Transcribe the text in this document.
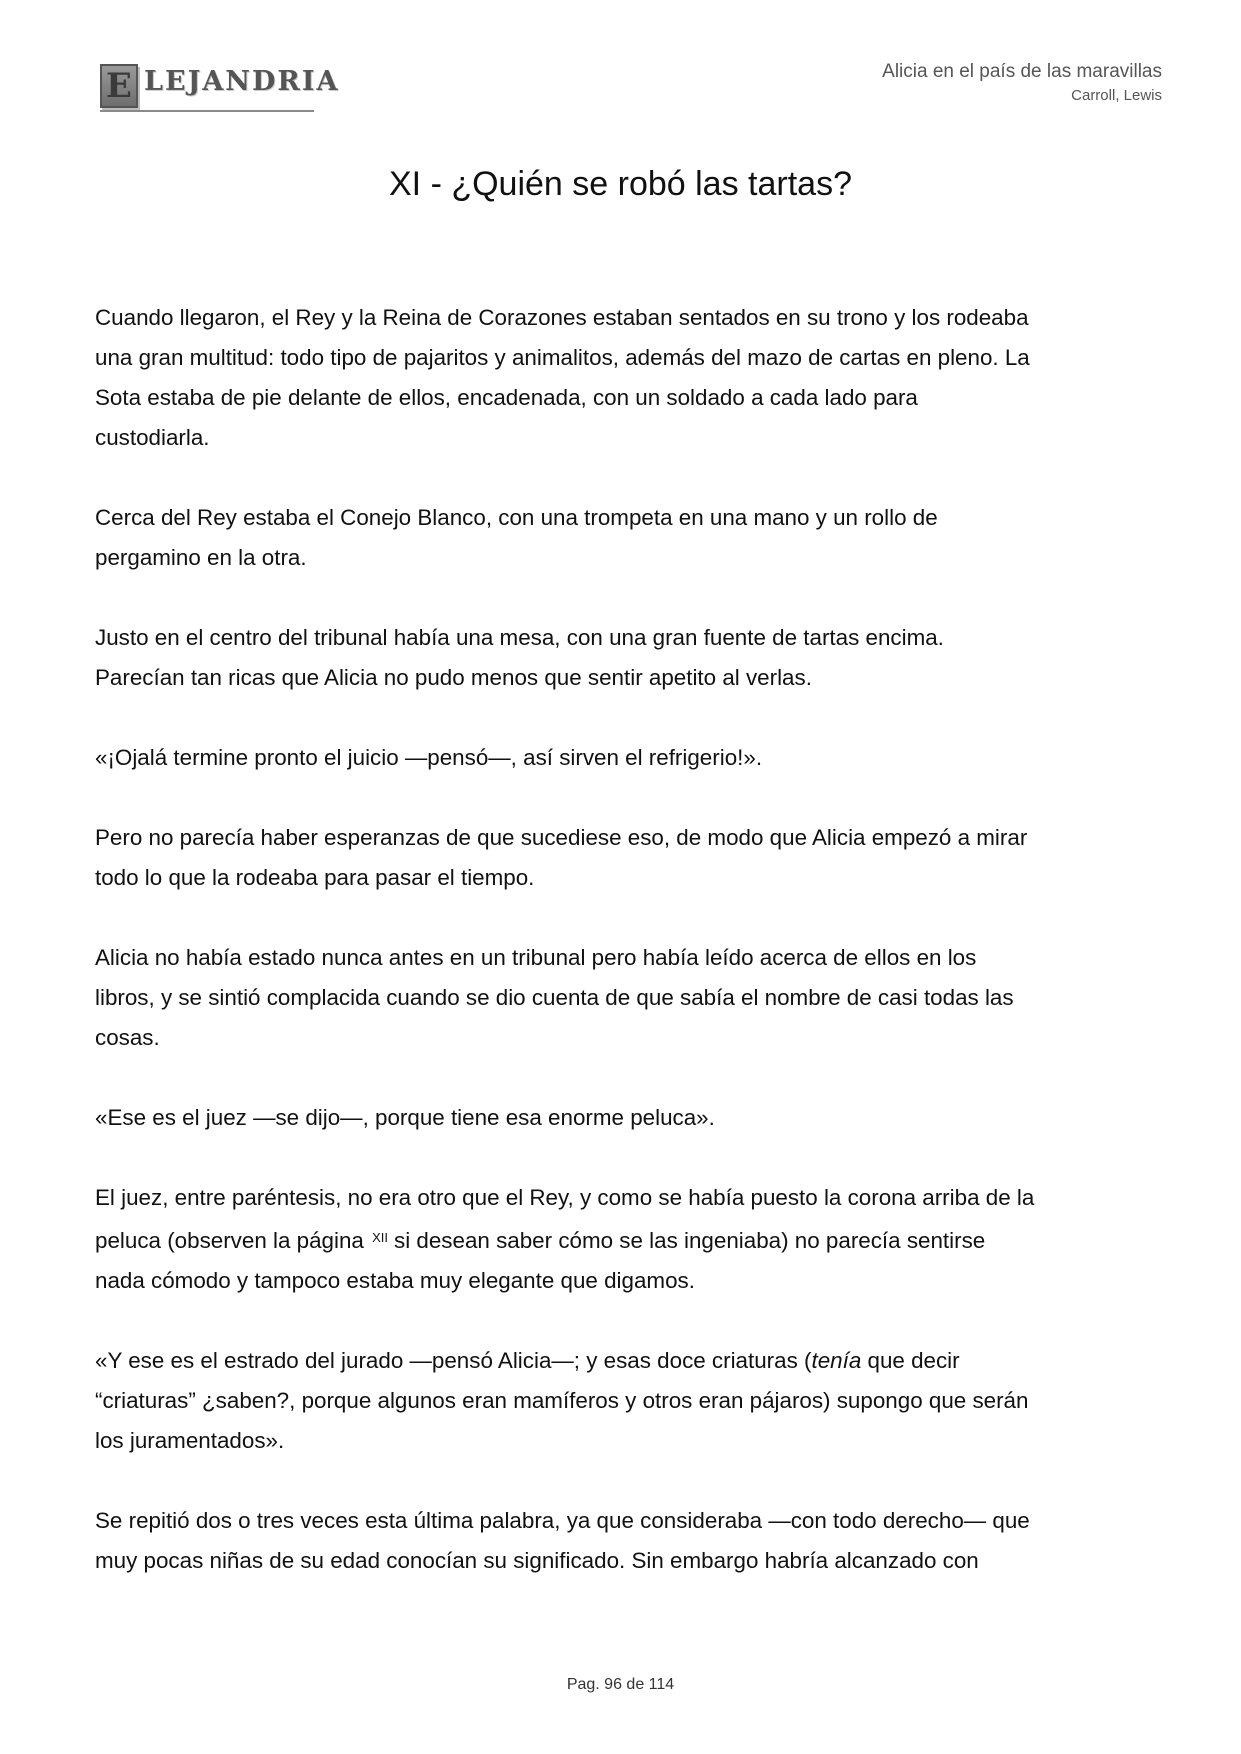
E LEJANDRIA	Alicia en el país de las maravillas
Carroll, Lewis
XI - ¿Quién se robó las tartas?

Cuando llegaron, el Rey y la Reina de Corazones estaban sentados en su trono y los rodeaba
una gran multitud: todo tipo de pajaritos y animalitos, además del mazo de cartas en pleno. La
Sota estaba de pie delante de ellos, encadenada, con un soldado a cada lado para
custodiarla.

Cerca del Rey estaba el Conejo Blanco, con una trompeta en una mano y un rollo de
pergamino en la otra.

Justo en el centro del tribunal había una mesa, con una gran fuente de tartas encima.
Parecían tan ricas que Alicia no pudo menos que sentir apetito al verlas.

«¡Ojalá termine pronto el juicio —pensó—, así sirven el refrigerio!».

Pero no parecía haber esperanzas de que sucediese eso, de modo que Alicia empezó a mirar
todo lo que la rodeaba para pasar el tiempo.

Alicia no había estado nunca antes en un tribunal pero había leído acerca de ellos en los
libros, y se sintió complacida cuando se dio cuenta de que sabía el nombre de casi todas las
cosas.

«Ese es el juez —se dijo—, porque tiene esa enorme peluca».

El juez, entre paréntesis, no era otro que el Rey, y como se había puesto la corona arriba de la
peluca (observen la página $^{XII}$ si desean saber cómo se las ingeniaba) no parecía sentirse
nada cómodo y tampoco estaba muy elegante que digamos.

«Y ese es el estrado del jurado —pensó Alicia—; y esas doce criaturas (tenía que decir
“criaturas” ¿saben?, porque algunos eran mamíferos y otros eran pájaros) supongo que serán
los juramentados».

Se repitió dos o tres veces esta última palabra, ya que consideraba —con todo derecho— que
muy pocas niñas de su edad conocían su significado. Sin embargo habría alcanzado con

Pag. 96 de 114
